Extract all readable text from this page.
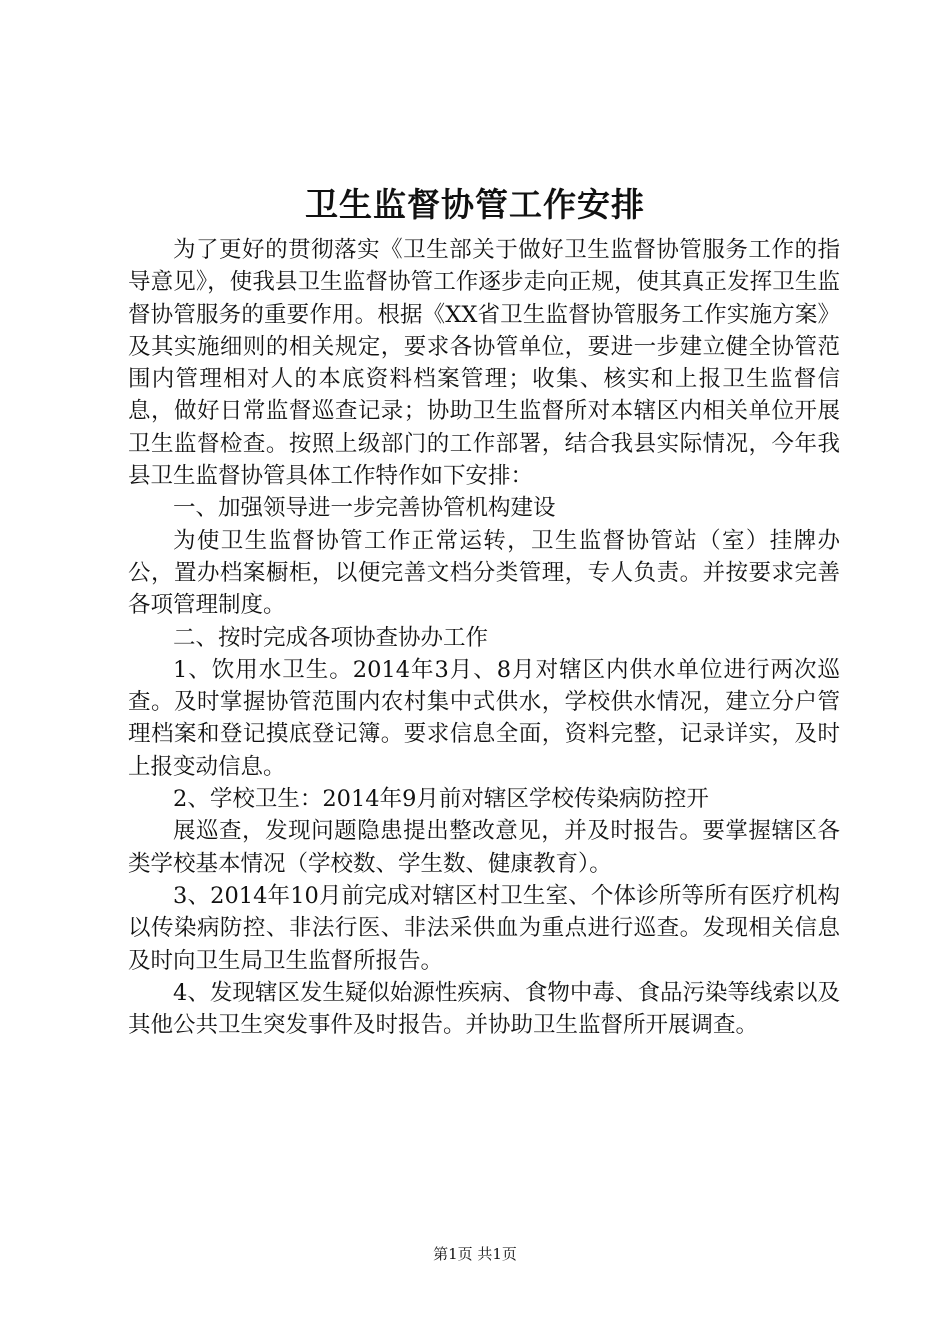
卫生监督协管工作安排

为了更好的贯彻落实《卫生部关于做好卫生监督协管服务工作的指导意见》，使我县卫生监督协管工作逐步走向正规，使其真正发挥卫生监督协管服务的重要作用。根据《XX省卫生监督协管服务工作实施方案》及其实施细则的相关规定，要求各协管单位，要进一步建立健全协管范围内管理相对人的本底资料档案管理；收集、核实和上报卫生监督信息，做好日常监督巡查记录；协助卫生监督所对本辖区内相关单位开展卫生监督检查。按照上级部门的工作部署，结合我县实际情况，今年我县卫生监督协管具体工作特作如下安排：

一、加强领导进一步完善协管机构建设

为使卫生监督协管工作正常运转，卫生监督协管站（室）挂牌办公，置办档案橱柜，以便完善文档分类管理，专人负责。并按要求完善各项管理制度。

二、按时完成各项协查协办工作

1、饮用水卫生。2014年3月、8月对辖区内供水单位进行两次巡查。及时掌握协管范围内农村集中式供水，学校供水情况，建立分户管理档案和登记摸底登记簿。要求信息全面，资料完整，记录详实，及时上报变动信息。

2、学校卫生：2014年9月前对辖区学校传染病防控开

展巡查，发现问题隐患提出整改意见，并及时报告。要掌握辖区各类学校基本情况（学校数、学生数、健康教育）。

3、2014年10月前完成对辖区村卫生室、个体诊所等所有医疗机构以传染病防控、非法行医、非法采供血为重点进行巡查。发现相关信息及时向卫生局卫生监督所报告。

4、发现辖区发生疑似始源性疾病、食物中毒、食品污染等线索以及其他公共卫生突发事件及时报告。并协助卫生监督所开展调查。

第1页 共1页
